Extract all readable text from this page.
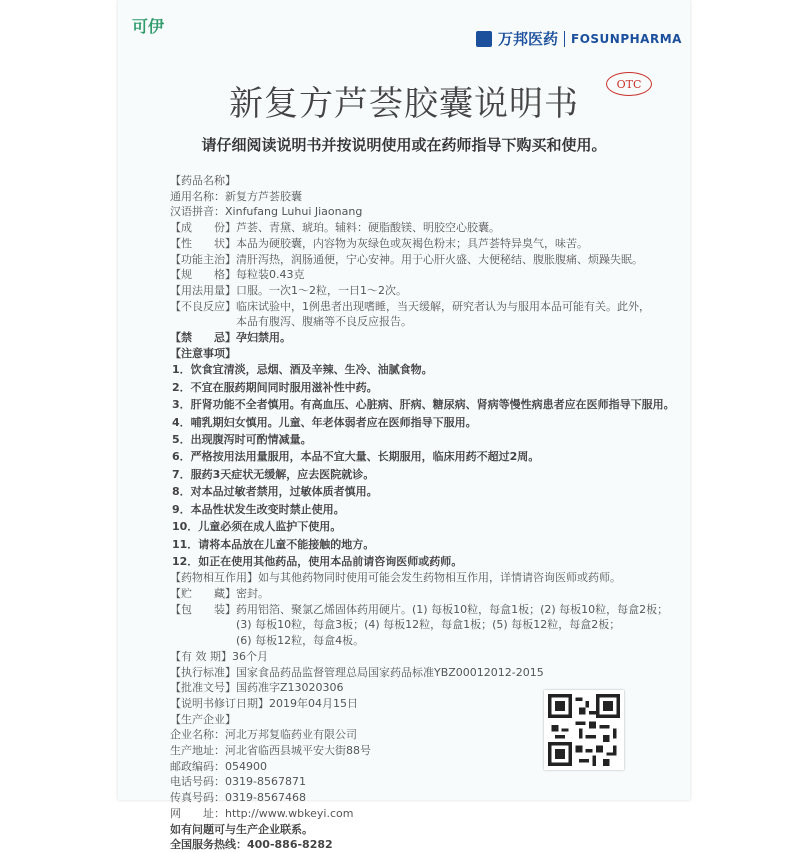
可伊
万邦医药 FOSUNPHARMA
OTC
新复方芦荟胶囊说明书
请仔细阅读说明书并按说明使用或在药师指导下购买和使用。
【药品名称】
通用名称：新复方芦荟胶囊
汉语拼音：Xinfufang Luhui Jiaonang
【成　　份】芦荟、青黛、琥珀。辅料：硬脂酸镁、明胶空心胶囊。
【性　　状】本品为硬胶囊，内容物为灰绿色或灰褐色粉末；具芦荟特异臭气，味苦。
【功能主治】清肝泻热，润肠通便，宁心安神。用于心肝火盛、大便秘结、腹胀腹痛、烦躁失眠。
【规　　格】每粒装0.43克
【用法用量】口服。一次1～2粒，一日1～2次。
【不良反应】临床试验中，1例患者出现嗜睡，当天缓解，研究者认为与服用本品可能有关。此外，
　　　　　　本品有腹泻、腹痛等不良反应报告。
【禁　　忌】孕妇禁用。
【注意事项】
1．饮食宜清淡，忌烟、酒及辛辣、生冷、油腻食物。
2．不宜在服药期间同时服用滋补性中药。
3．肝肾功能不全者慎用。有高血压、心脏病、肝病、糖尿病、肾病等慢性病患者应在医师指导下服用。
4．哺乳期妇女慎用。儿童、年老体弱者应在医师指导下服用。
5．出现腹泻时可酌情减量。
6．严格按用法用量服用，本品不宜大量、长期服用，临床用药不超过2周。
7．服药3天症状无缓解，应去医院就诊。
8．对本品过敏者禁用，过敏体质者慎用。
9．本品性状发生改变时禁止使用。
10．儿童必须在成人监护下使用。
11．请将本品放在儿童不能接触的地方。
12．如正在使用其他药品，使用本品前请咨询医师或药师。
【药物相互作用】如与其他药物同时使用可能会发生药物相互作用，详情请咨询医师或药师。
【贮　　藏】密封。
【包　　装】药用铝箔、聚氯乙烯固体药用硬片。(1) 每板10粒，每盒1板；(2) 每板10粒，每盒2板；
　　　　　　(3) 每板10粒，每盒3板；(4) 每板12粒，每盒1板；(5) 每板12粒，每盒2板；
　　　　　　(6) 每板12粒，每盒4板。
【有 效 期】36个月
【执行标准】国家食品药品监督管理总局国家药品标准YBZ00012012-2015
【批准文号】国药准字Z13020306
【说明书修订日期】2019年04月15日
【生产企业】
企业名称：河北万邦复临药业有限公司
生产地址：河北省临西县城平安大街88号
邮政编码：054900
电话号码：0319-8567871
传真号码：0319-8567468
网　　址：http://www.wbkeyi.com
如有问题可与生产企业联系。
全国服务热线：400-886-8282
